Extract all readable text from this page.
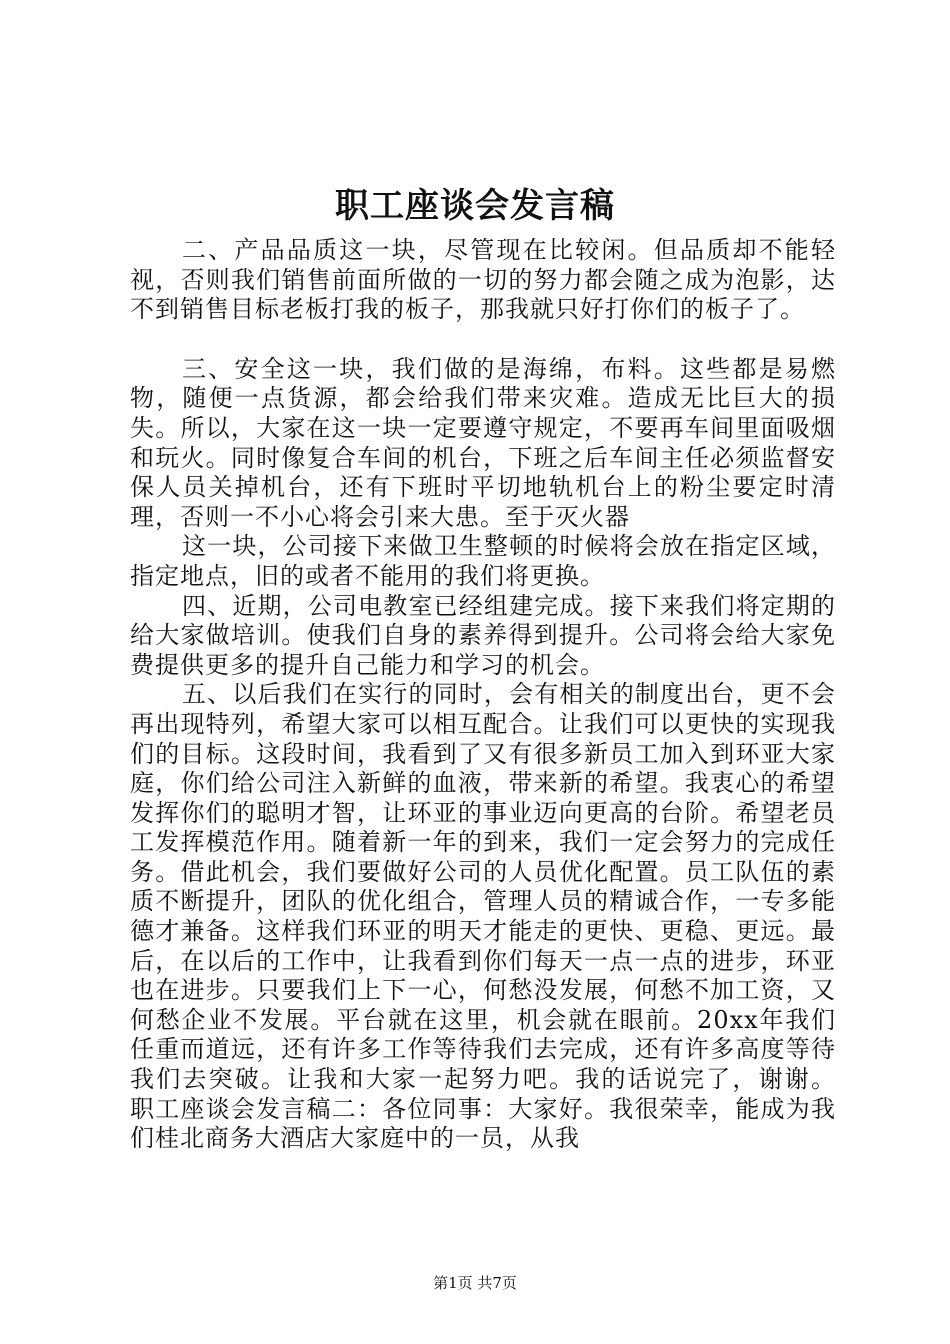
职工座谈会发言稿

二、产品品质这一块，尽管现在比较闲。但品质却不能轻视，否则我们销售前面所做的一切的努力都会随之成为泡影，达不到销售目标老板打我的板子，那我就只好打你们的板子了。

三、安全这一块，我们做的是海绵，布料。这些都是易燃物，随便一点货源，都会给我们带来灾难。造成无比巨大的损失。所以，大家在这一块一定要遵守规定，不要再车间里面吸烟和玩火。同时像复合车间的机台，下班之后车间主任必须监督安保人员关掉机台，还有下班时平切地轨机台上的粉尘要定时清理，否则一不小心将会引来大患。至于灭火器

这一块，公司接下来做卫生整顿的时候将会放在指定区域，指定地点，旧的或者不能用的我们将更换。

四、近期，公司电教室已经组建完成。接下来我们将定期的给大家做培训。使我们自身的素养得到提升。公司将会给大家免费提供更多的提升自己能力和学习的机会。

五、以后我们在实行的同时，会有相关的制度出台，更不会再出现特列，希望大家可以相互配合。让我们可以更快的实现我们的目标。这段时间，我看到了又有很多新员工加入到环亚大家庭，你们给公司注入新鲜的血液，带来新的希望。我衷心的希望发挥你们的聪明才智，让环亚的事业迈向更高的台阶。希望老员工发挥模范作用。随着新一年的到来，我们一定会努力的完成任务。借此机会，我们要做好公司的人员优化配置。员工队伍的素质不断提升，团队的优化组合，管理人员的精诚合作，一专多能德才兼备。这样我们环亚的明天才能走的更快、更稳、更远。最后，在以后的工作中，让我看到你们每天一点一点的进步，环亚也在进步。只要我们上下一心，何愁没发展，何愁不加工资，又何愁企业不发展。平台就在这里，机会就在眼前。20xx年我们任重而道远，还有许多工作等待我们去完成，还有许多高度等待我们去突破。让我和大家一起努力吧。我的话说完了，谢谢。 职工座谈会发言稿二：各位同事：大家好。我很荣幸，能成为我们桂北商务大酒店大家庭中的一员，从我

第1页 共7页
